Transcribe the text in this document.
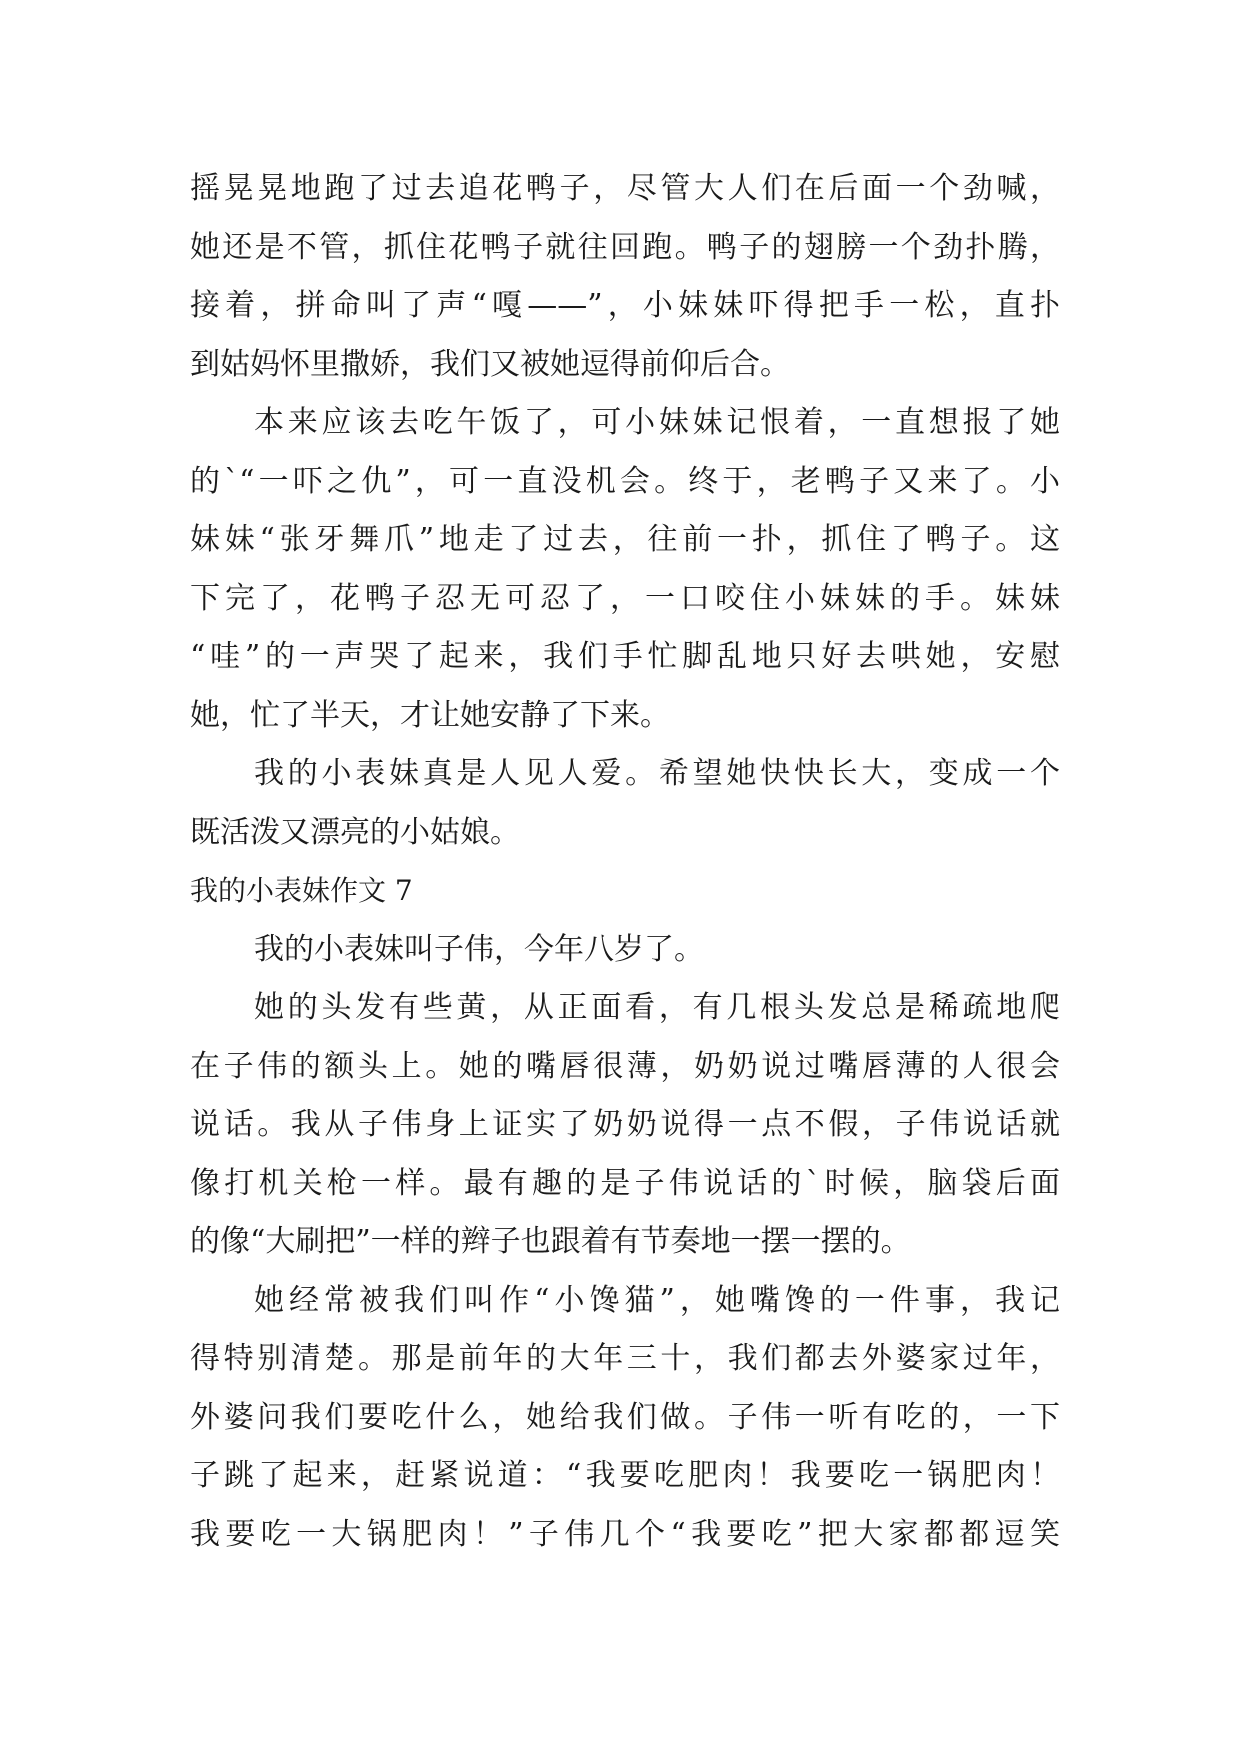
摇晃晃地跑了过去追花鸭子，尽管大人们在后面一个劲喊，
她还是不管，抓住花鸭子就往回跑。鸭子的翅膀一个劲扑腾，
接着，拼命叫了声“嘎——”，小妹妹吓得把手一松，直扑
到姑妈怀里撒娇，我们又被她逗得前仰后合。
本来应该去吃午饭了，可小妹妹记恨着，一直想报了她
的`“一吓之仇”，可一直没机会。终于，老鸭子又来了。小
妹妹“张牙舞爪”地走了过去，往前一扑，抓住了鸭子。这
下完了，花鸭子忍无可忍了，一口咬住小妹妹的手。妹妹
“哇”的一声哭了起来，我们手忙脚乱地只好去哄她，安慰
她，忙了半天，才让她安静了下来。
我的小表妹真是人见人爱。希望她快快长大，变成一个
既活泼又漂亮的小姑娘。
我的小表妹作文 7
我的小表妹叫子伟，今年八岁了。
她的头发有些黄，从正面看，有几根头发总是稀疏地爬
在子伟的额头上。她的嘴唇很薄，奶奶说过嘴唇薄的人很会
说话。我从子伟身上证实了奶奶说得一点不假，子伟说话就
像打机关枪一样。最有趣的是子伟说话的`时候，脑袋后面
的像“大刷把”一样的辫子也跟着有节奏地一摆一摆的。
她经常被我们叫作“小馋猫”，她嘴馋的一件事，我记
得特别清楚。那是前年的大年三十，我们都去外婆家过年，
外婆问我们要吃什么，她给我们做。子伟一听有吃的，一下
子跳了起来，赶紧说道：“我要吃肥肉！我要吃一锅肥肉！
我要吃一大锅肥肉！”子伟几个“我要吃”把大家都都逗笑
